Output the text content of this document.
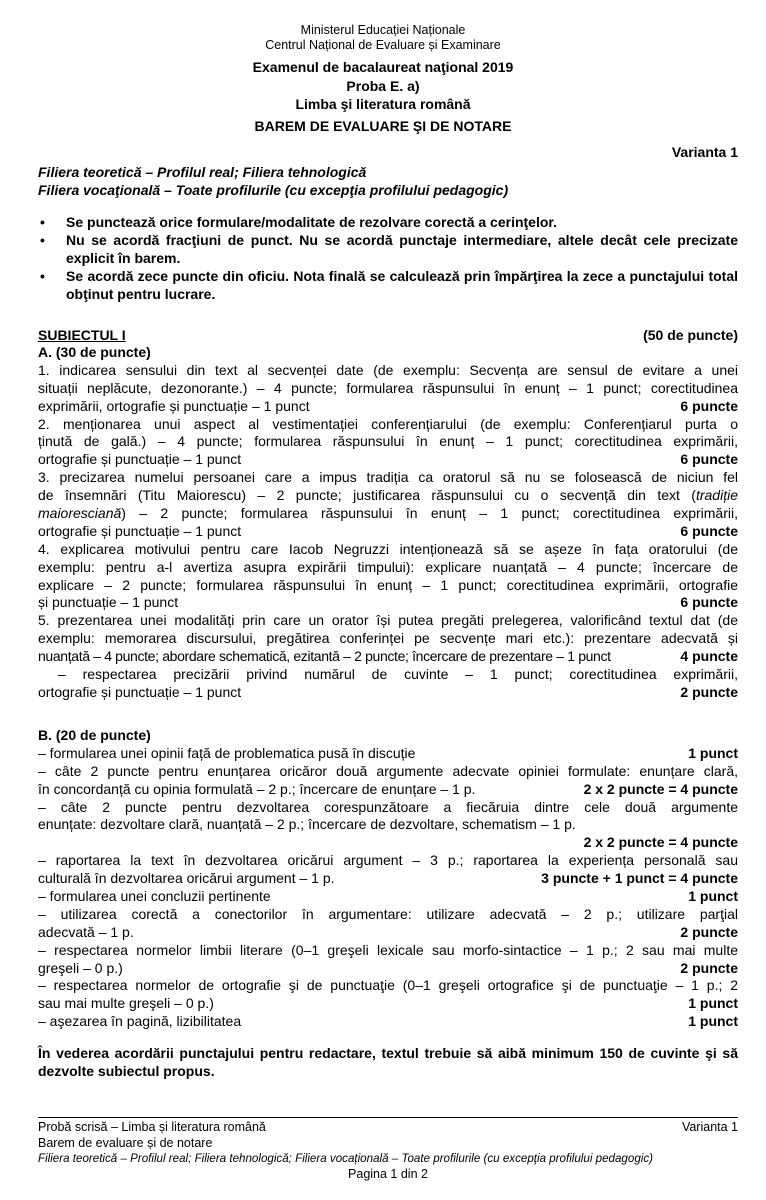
Ministerul Educației Naționale
Centrul Național de Evaluare și Examinare
Examenul de bacalaureat naţional 2019
Proba E. a)
Limba şi literatura română
BAREM DE EVALUARE ŞI DE NOTARE
Varianta 1
Filiera teoretică – Profilul real; Filiera tehnologică
Filiera vocaţională – Toate profilurile (cu excepţia profilului pedagogic)
• Se punctează orice formulare/modalitate de rezolvare corectă a cerinţelor.
• Nu se acordă fracţiuni de punct. Nu se acordă punctaje intermediare, altele decât cele precizate explicit în barem.
• Se acordă zece puncte din oficiu. Nota finală se calculează prin împărţirea la zece a punctajului total obţinut pentru lucrare.
SUBIECTUL I	(50 de puncte)
A. (30 de puncte)
1. indicarea sensului din text al secvenței date (de exemplu: Secvența are sensul de evitare a unei
situații neplăcute, dezonorante.) – 4 puncte; formularea răspunsului în enunț – 1 punct; corectitudinea
exprimării, ortografie și punctuație – 1 punct	6 puncte
2. menționarea unui aspect al vestimentației conferențiarului (de exemplu: Conferențiarul purta o
ținută de gală.) – 4 puncte; formularea răspunsului în enunț – 1 punct; corectitudinea exprimării,
ortografie și punctuație – 1 punct	6 puncte
3. precizarea numelui persoanei care a impus tradiția ca oratorul să nu se folosească de niciun fel
de însemnări (Titu Maiorescu) – 2 puncte; justificarea răspunsului cu o secvență din text (tradiție
maioresciană) – 2 puncte; formularea răspunsului în enunț – 1 punct; corectitudinea exprimării,
ortografie și punctuație – 1 punct	6 puncte
4. explicarea motivului pentru care Iacob Negruzzi intenționează să se așeze în fața oratorului (de
exemplu: pentru a-l avertiza asupra expirării timpului): explicare nuanțată – 4 puncte; încercare de
explicare – 2 puncte; formularea răspunsului în enunț – 1 punct; corectitudinea exprimării, ortografie
și punctuație – 1 punct	6 puncte
5. prezentarea unei modalități prin care un orator își putea pregăti prelegerea, valorificând textul dat (de
exemplu: memorarea discursului, pregătirea conferinței pe secvențe mari etc.): prezentare adecvată și
nuanțată – 4 puncte; abordare schematică, ezitantă – 2 puncte; încercare de prezentare – 1 punct	4 puncte
– respectarea precizării privind numărul de cuvinte – 1 punct; corectitudinea exprimării,
ortografie și punctuație – 1 punct	2 puncte
B. (20 de puncte)
– formularea unei opinii față de problematica pusă în discuție	1 punct
– câte 2 puncte pentru enunțarea oricăror două argumente adecvate opiniei formulate: enunțare clară,
în concordanță cu opinia formulată – 2 p.; încercare de enunțare – 1 p.	2 x 2 puncte = 4 puncte
– câte 2 puncte pentru dezvoltarea corespunzătoare a fiecăruia dintre cele două argumente
enunțate: dezvoltare clară, nuanțată – 2 p.; încercare de dezvoltare, schematism – 1 p.
2 x 2 puncte = 4 puncte
– raportarea la text în dezvoltarea oricărui argument – 3 p.; raportarea la experiența personală sau
culturală în dezvoltarea oricărui argument – 1 p.	3 puncte + 1 punct = 4 puncte
– formularea unei concluzii pertinente	1 punct
– utilizarea corectă a conectorilor în argumentare: utilizare adecvată – 2 p.; utilizare parţial
adecvată – 1 p.	2 puncte
– respectarea normelor limbii literare (0–1 greşeli lexicale sau morfo-sintactice – 1 p.; 2 sau mai multe
greşeli – 0 p.)	2 puncte
– respectarea normelor de ortografie şi de punctuaţie (0–1 greşeli ortografice şi de punctuaţie – 1 p.; 2
sau mai multe greşeli – 0 p.)	1 punct
– aşezarea în pagină, lizibilitatea	1 punct
În vederea acordării punctajului pentru redactare, textul trebuie să aibă minimum 150 de cuvinte şi să dezvolte subiectul propus.
Probă scrisă – Limba și literatura română	Varianta 1
Barem de evaluare și de notare
Filiera teoretică – Profilul real; Filiera tehnologică; Filiera vocațională – Toate profilurile (cu excepţia profilului pedagogic)
Pagina 1 din 2
